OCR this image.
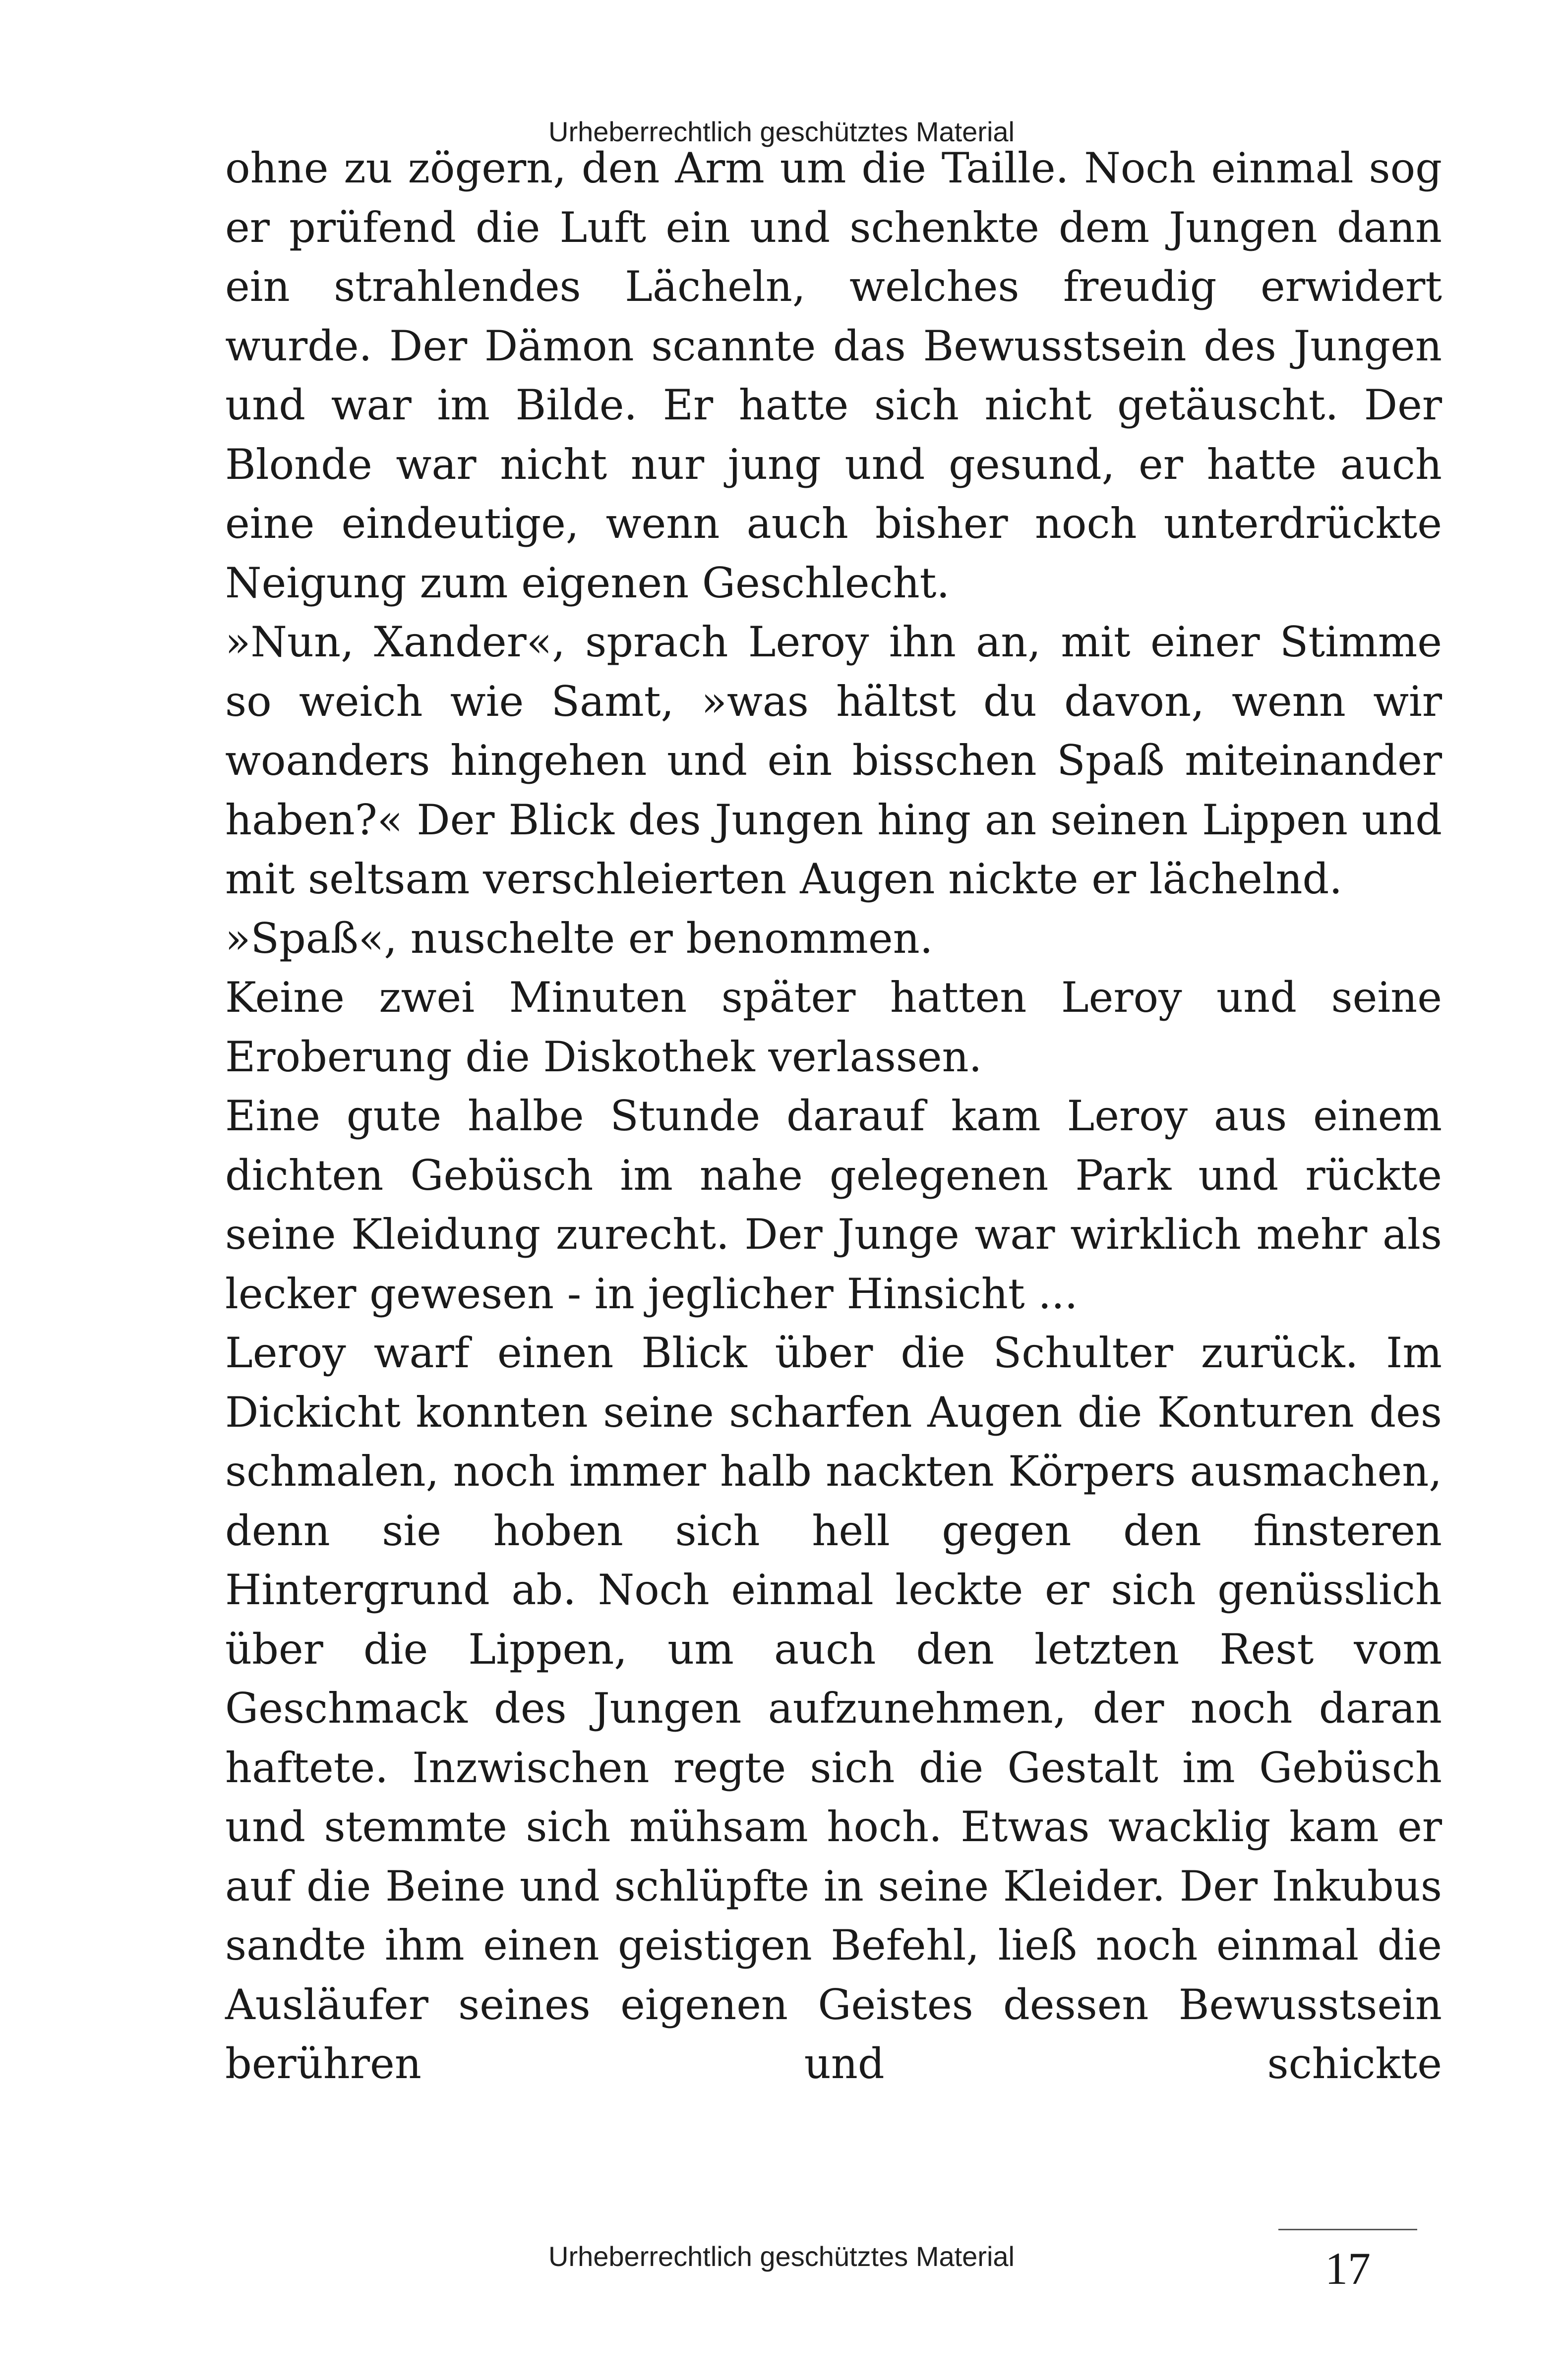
Urheberrechtlich geschütztes Material

ohne zu zögern, den Arm um die Taille. Noch einmal sog er prüfend die Luft ein und schenkte dem Jungen dann ein strahlendes Lächeln, welches freudig erwidert wurde. Der Dämon scannte das Bewusstsein des Jungen und war im Bilde. Er hatte sich nicht getäuscht. Der Blonde war nicht nur jung und gesund, er hatte auch eine eindeutige, wenn auch bisher noch unterdrückte Neigung zum eigenen Geschlecht.

»Nun, Xander«, sprach Leroy ihn an, mit einer Stimme so weich wie Samt, »was hältst du davon, wenn wir woanders hingehen und ein bisschen Spaß miteinander haben?« Der Blick des Jungen hing an seinen Lippen und mit seltsam verschleierten Augen nickte er lächelnd.

»Spaß«, nuschelte er benommen.

Keine zwei Minuten später hatten Leroy und seine Eroberung die Diskothek verlassen.

Eine gute halbe Stunde darauf kam Leroy aus einem dichten Gebüsch im nahe gelegenen Park und rückte seine Kleidung zurecht. Der Junge war wirklich mehr als lecker gewesen - in jeglicher Hinsicht ...

Leroy warf einen Blick über die Schulter zurück. Im Dickicht konnten seine scharfen Augen die Konturen des schmalen, noch immer halb nackten Körpers ausmachen, denn sie hoben sich hell gegen den finsteren Hintergrund ab. Noch einmal leckte er sich genüsslich über die Lippen, um auch den letzten Rest vom Geschmack des Jungen aufzunehmen, der noch daran haftete. Inzwischen regte sich die Gestalt im Gebüsch und stemmte sich mühsam hoch. Etwas wacklig kam er auf die Beine und schlüpfte in seine Kleider. Der Inkubus sandte ihm einen geistigen Befehl, ließ noch einmal die Ausläufer seines eigenen Geistes dessen Bewusstsein berühren und schickte

17
Urheberrechtlich geschütztes Material
